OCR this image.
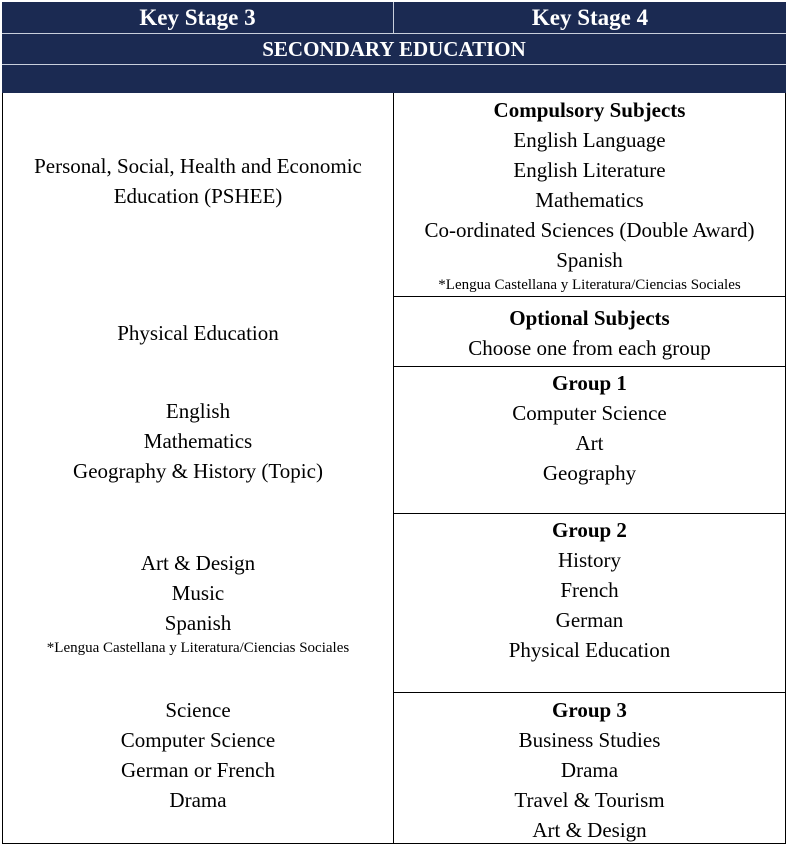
Key Stage 3	Key Stage 4
SECONDARY EDUCATION
Personal, Social, Health and Economic
Education (PSHEE)
Physical Education
English
Mathematics
Geography & History (Topic)
Art & Design
Music
Spanish
*Lengua Castellana y Literatura/Ciencias Sociales
Science
Computer Science
German or French
Drama
Compulsory Subjects
English Language
English Literature
Mathematics
Co-ordinated Sciences (Double Award)
Spanish
*Lengua Castellana y Literatura/Ciencias Sociales
Optional Subjects
Choose one from each group
Group 1
Computer Science
Art
Geography
Group 2
History
French
German
Physical Education
Group 3
Business Studies
Drama
Travel & Tourism
Art & Design
